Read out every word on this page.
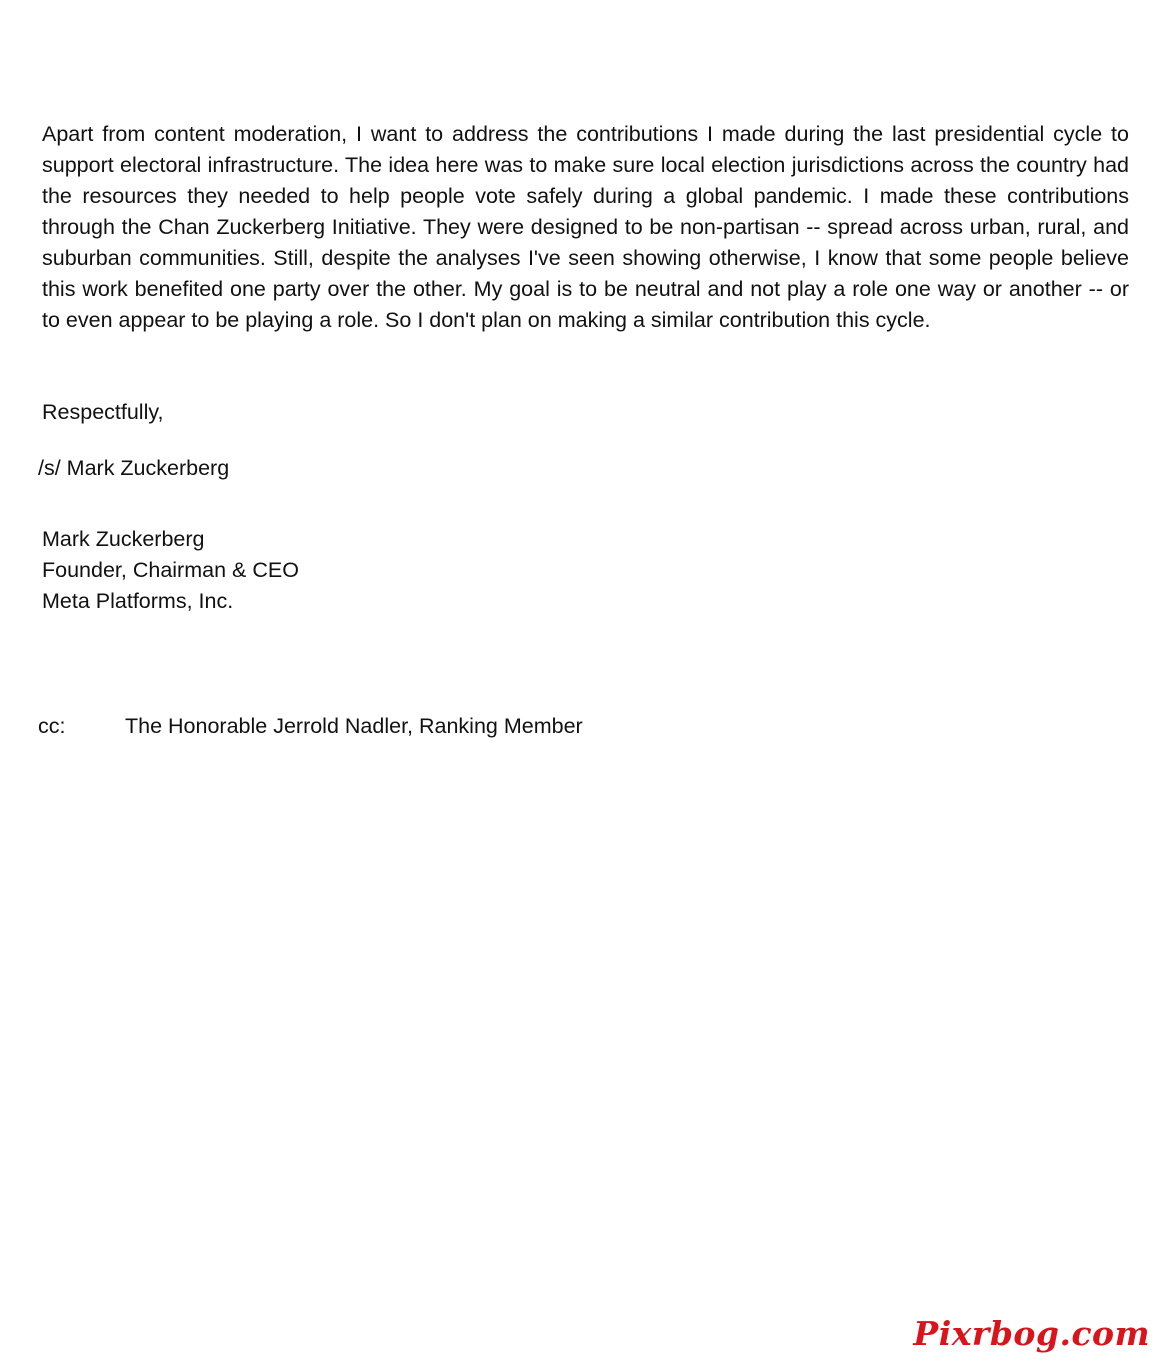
Apart from content moderation, I want to address the contributions I made during the last presidential cycle to support electoral infrastructure. The idea here was to make sure local election jurisdictions across the country had the resources they needed to help people vote safely during a global pandemic. I made these contributions through the Chan Zuckerberg Initiative. They were designed to be non-partisan -- spread across urban, rural, and suburban communities. Still, despite the analyses I've seen showing otherwise, I know that some people believe this work benefited one party over the other. My goal is to be neutral and not play a role one way or another -- or to even appear to be playing a role. So I don't plan on making a similar contribution this cycle.

Respectfully,

/s/ Mark Zuckerberg

Mark Zuckerberg
Founder, Chairman & CEO
Meta Platforms, Inc.
cc:	The Honorable Jerrold Nadler, Ranking Member
Pixrbog.com
